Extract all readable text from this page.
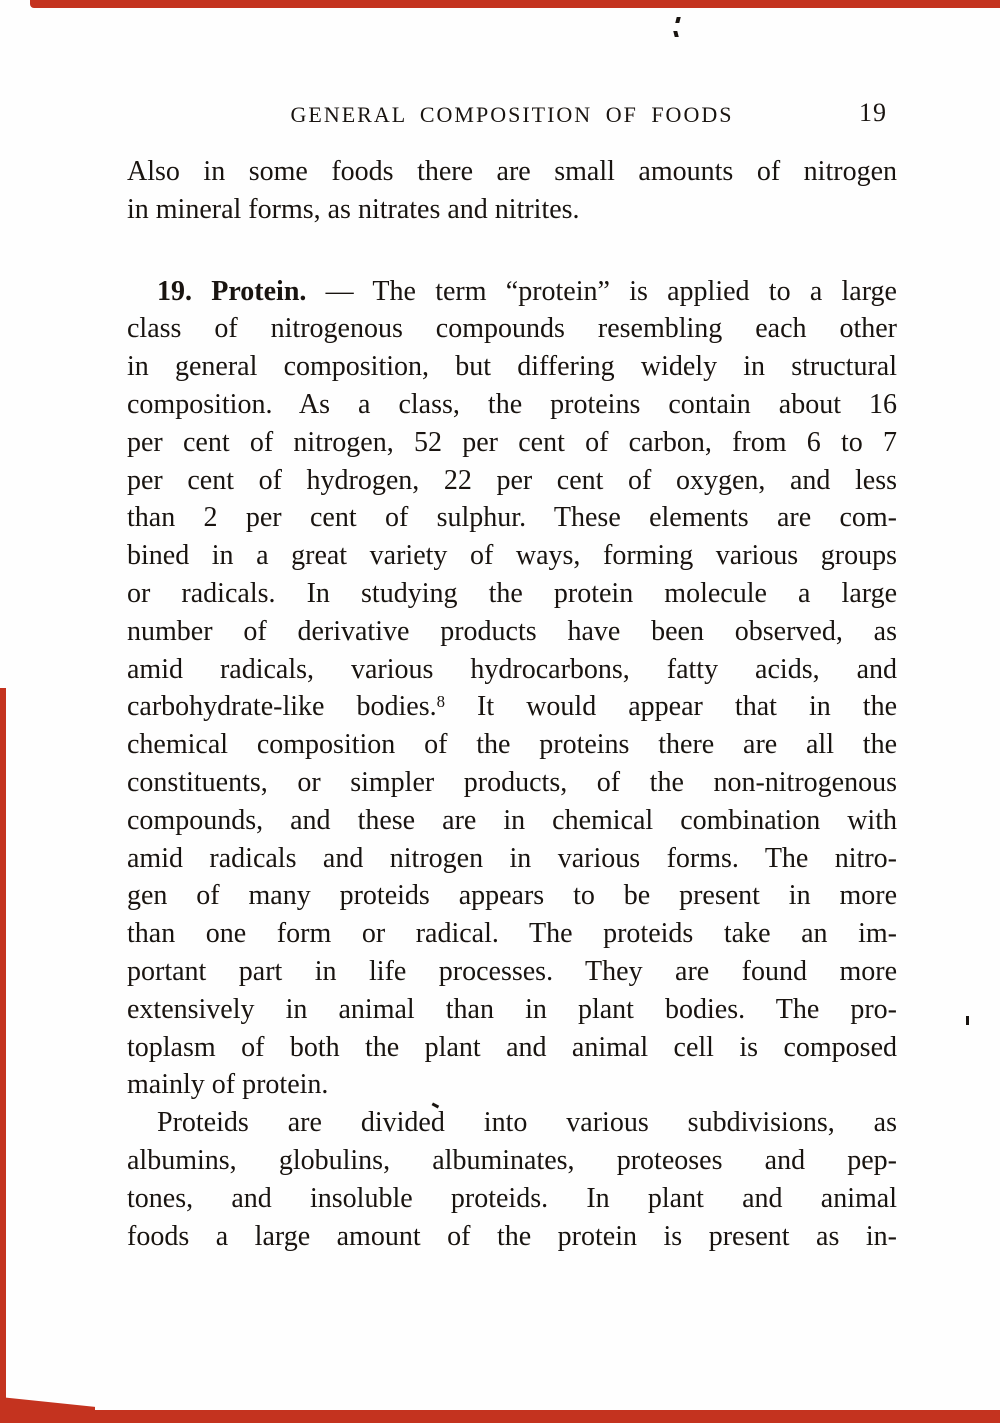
GENERAL COMPOSITION OF FOODS	19
Also in some foods there are small amounts of nitrogen
in mineral forms, as nitrates and nitrites.
19. Protein. — The term “protein” is applied to a large
class of nitrogenous compounds resembling each other
in general composition, but differing widely in structural
composition. As a class, the proteins contain about 16
per cent of nitrogen, 52 per cent of carbon, from 6 to 7
per cent of hydrogen, 22 per cent of oxygen, and less
than 2 per cent of sulphur. These elements are com-
bined in a great variety of ways, forming various groups
or radicals. In studying the protein molecule a large
number of derivative products have been observed, as
amid radicals, various hydrocarbons, fatty acids, and
carbohydrate-like bodies.$^8$ It would appear that in the
chemical composition of the proteins there are all the
constituents, or simpler products, of the non-nitrogenous
compounds, and these are in chemical combination with
amid radicals and nitrogen in various forms. The nitro-
gen of many proteids appears to be present in more
than one form or radical. The proteids take an im-
portant part in life processes. They are found more
extensively in animal than in plant bodies. The pro-
toplasm of both the plant and animal cell is composed
mainly of protein.
Proteids are divided into various subdivisions, as
albumins, globulins, albuminates, proteoses and pep-
tones, and insoluble proteids. In plant and animal
foods a large amount of the protein is present as in-
